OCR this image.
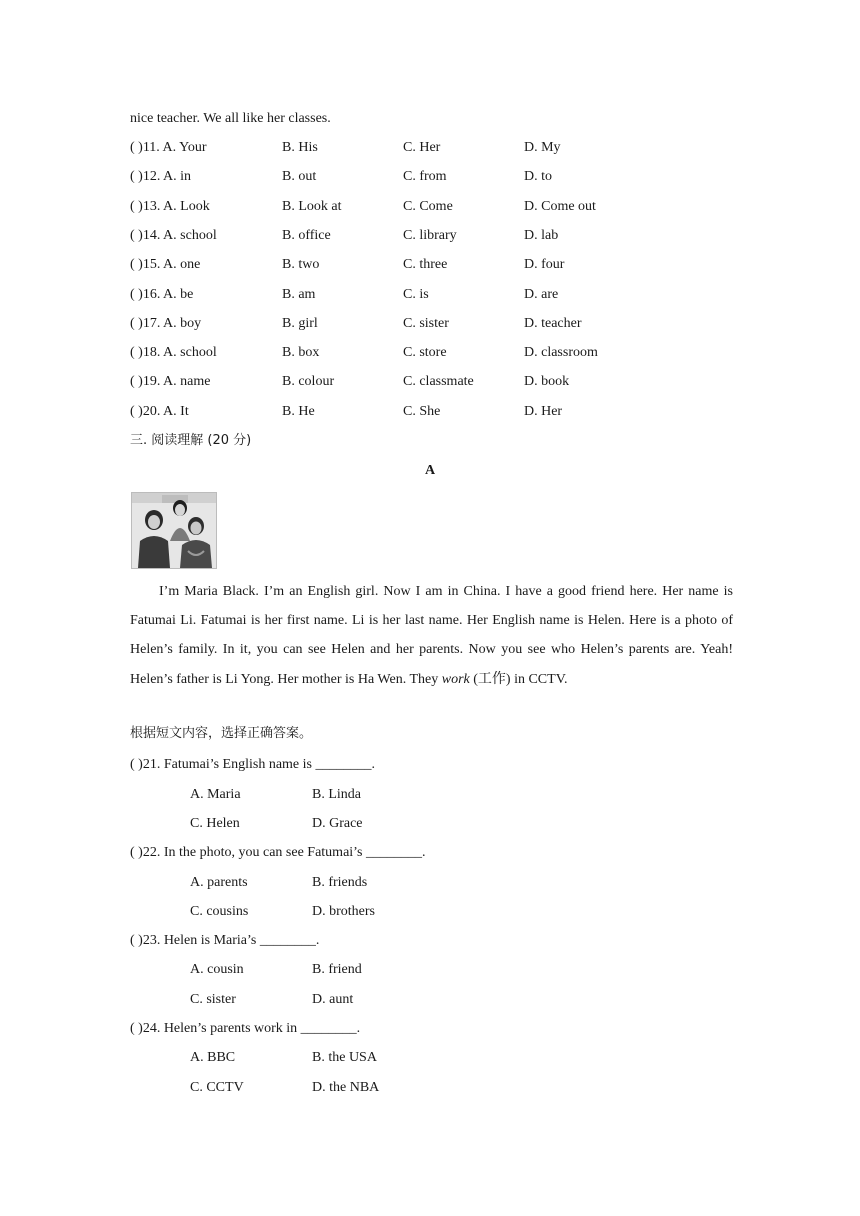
nice teacher. We all like her classes.
( )11. A. Your	B. His	C. Her	D. My
( )12. A. in	B. out	C. from	D. to
( )13. A. Look	B. Look at	C. Come	D. Come out
( )14. A. school	B. office	C. library	D. lab
( )15. A. one	B. two	C. three	D. four
( )16. A. be	B. am	C. is	D. are
( )17. A. boy	B. girl	C. sister	D. teacher
( )18. A. school	B. box	C. store	D. classroom
( )19. A. name	B. colour	C. classmate	D. book
( )20. A. It	B. He	C. She	D. Her
三. 阅读理解 (20 分)
A
I’m Maria Black. I’m an English girl. Now I am in China. I have a good friend here. Her name is Fatumai Li. Fatumai is her first name. Li is her last name. Her English name is Helen. Here is a photo of Helen’s family. In it, you can see Helen and her parents. Now you see who Helen’s parents are. Yeah! Helen’s father is Li Yong. Her mother is Ha Wen. They work (工作) in CCTV.
根据短文内容，选择正确答案。
( )21. Fatumai’s English name is ________.
A. Maria	B. Linda
C. Helen	D. Grace
( )22. In the photo, you can see Fatumai’s ________.
A. parents	B. friends
C. cousins	D. brothers
( )23. Helen is Maria’s ________.
A. cousin	B. friend
C. sister	D. aunt
( )24. Helen’s parents work in ________.
A. BBC	B. the USA
C. CCTV	D. the NBA
